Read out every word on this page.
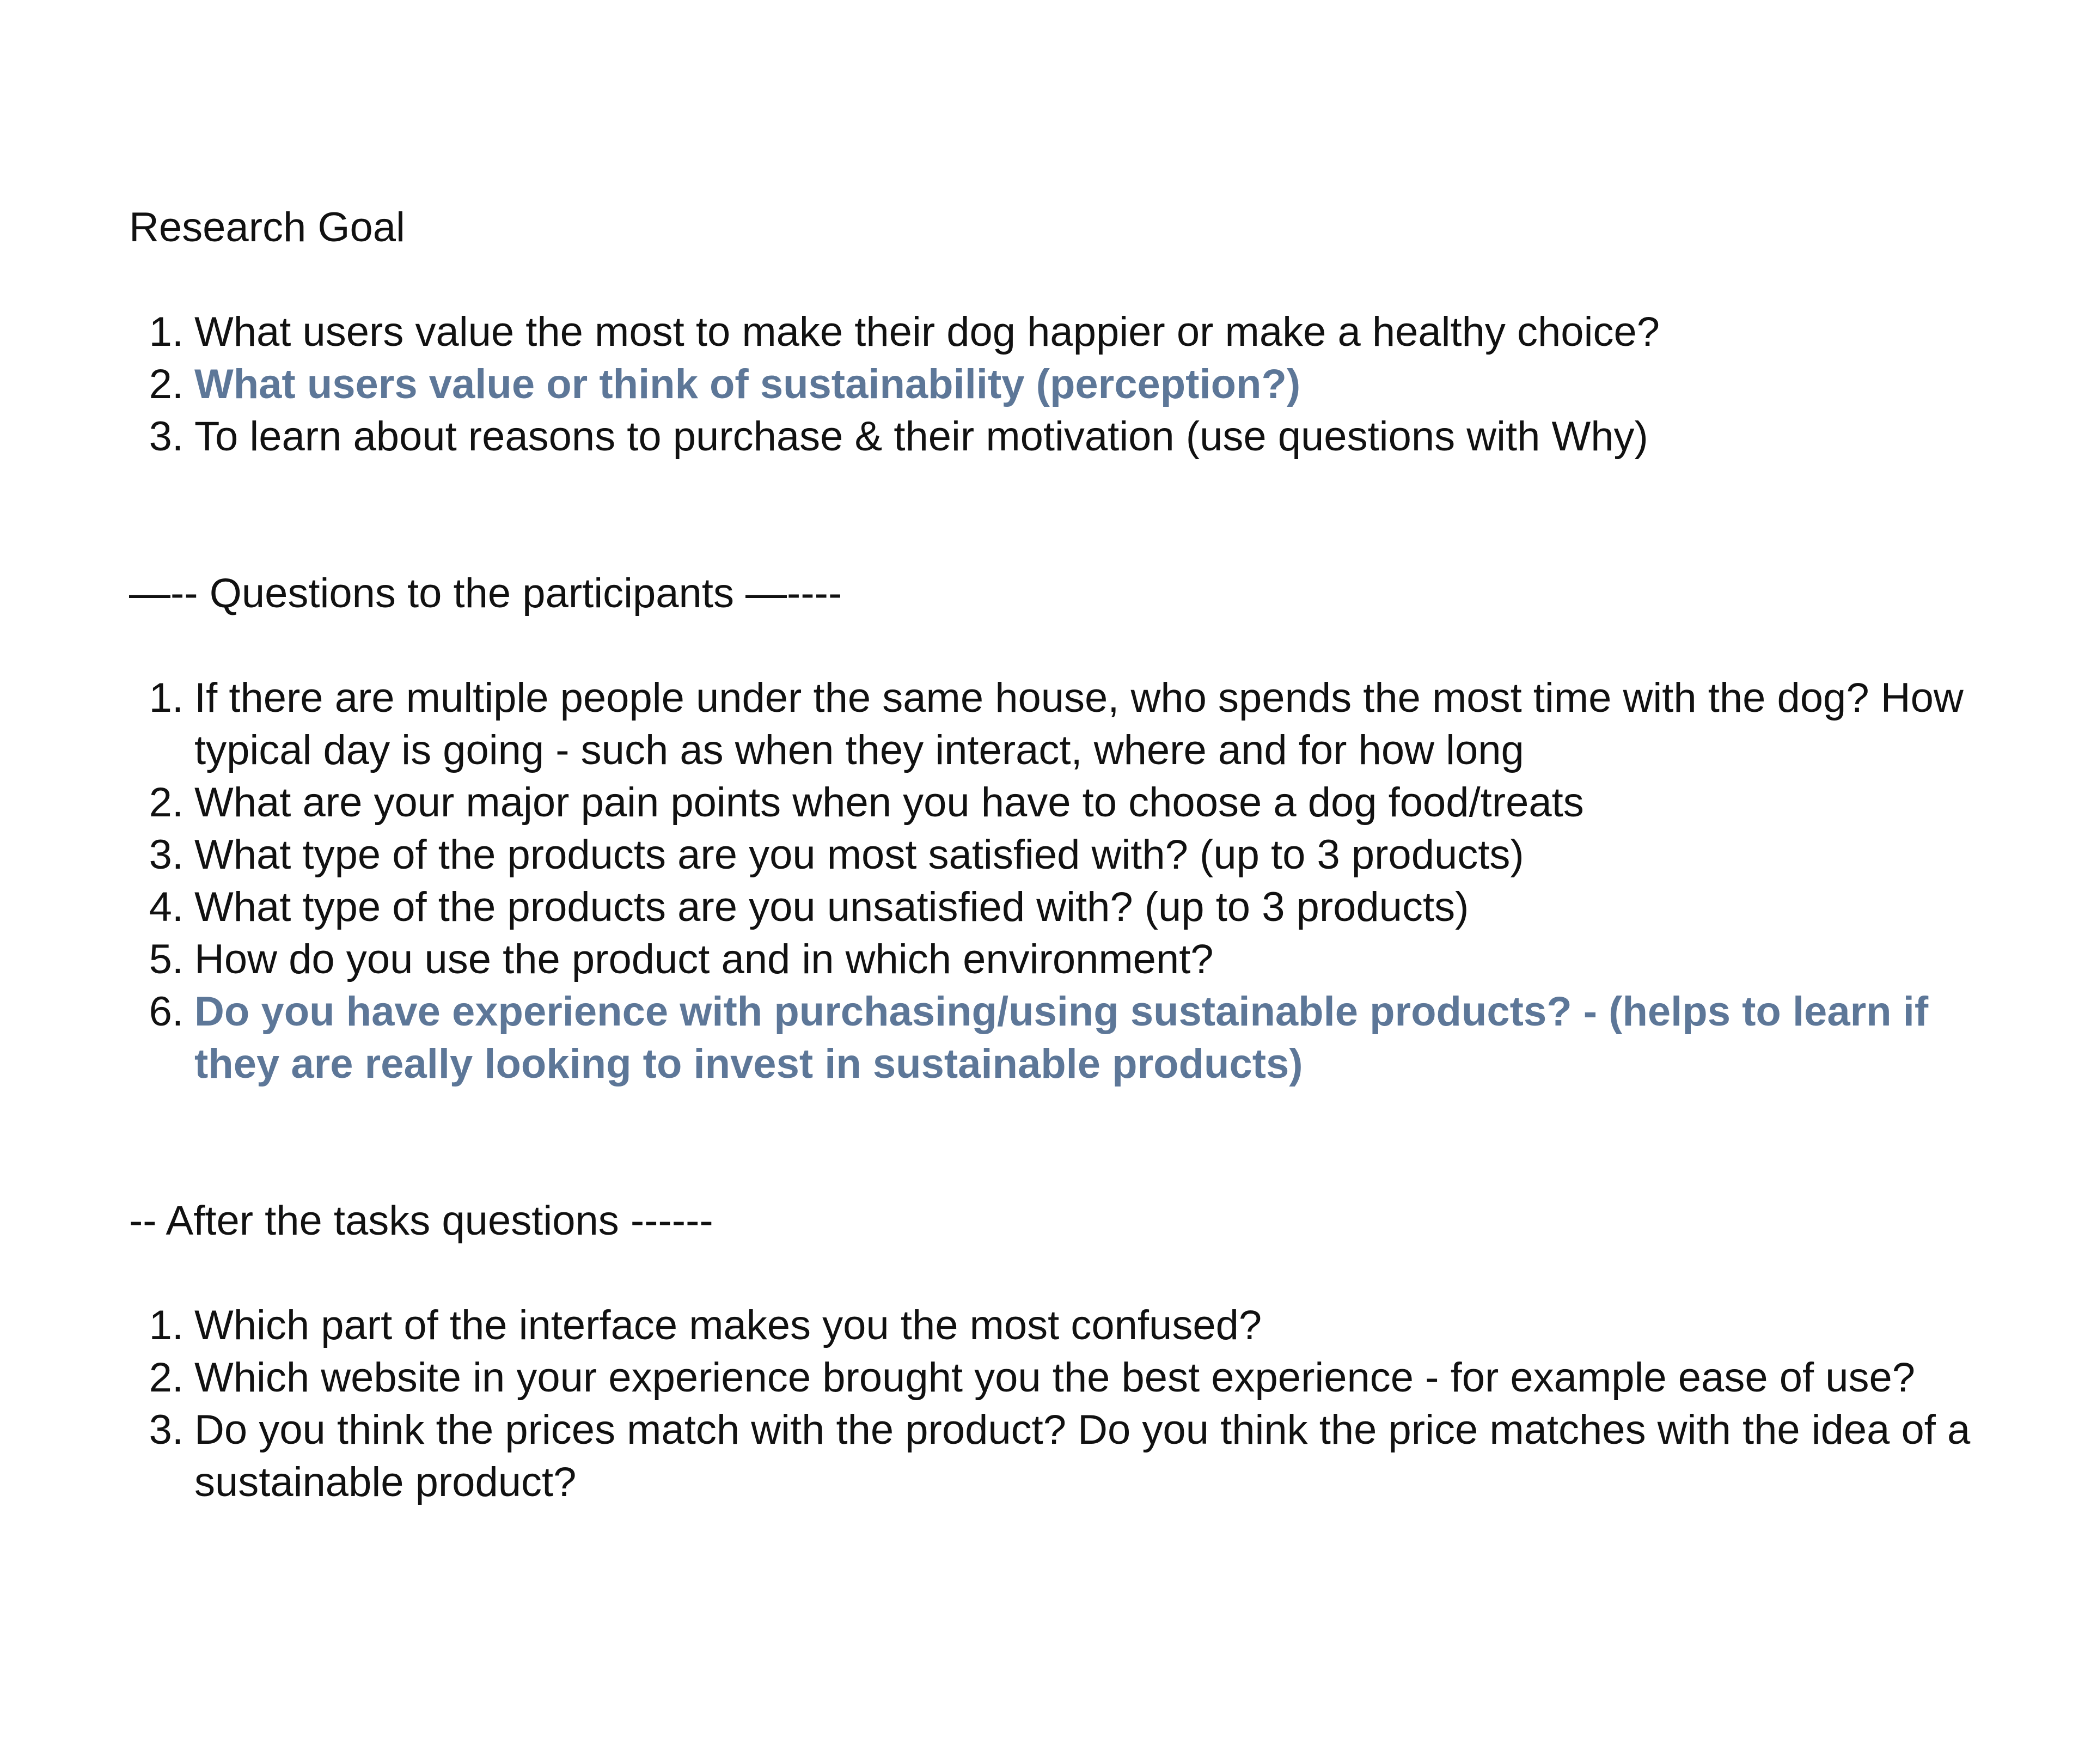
Research Goal

1. What users value the most to make their dog happier or make a healthy choice?
2. What users value or think of sustainability (perception?)
3. To learn about reasons to purchase & their motivation (use questions with Why)

—-- Questions to the participants —----

1. If there are multiple people under the same house, who spends the most time with the dog? How typical day is going - such as when they interact, where and for how long
2. What are your major pain points when you have to choose a dog food/treats
3. What type of the products are you most satisfied with? (up to 3 products)
4. What type of the products are you unsatisfied with? (up to 3 products)
5. How do you use the product and in which environment?
6. Do you have experience with purchasing/using sustainable products? - (helps to learn if they are really looking to invest in sustainable products)

-- After the tasks questions ------

1. Which part of the interface makes you the most confused?
2. Which website in your experience brought you the best experience - for example ease of use?
3. Do you think the prices match with the product? Do you think the price matches with the idea of a sustainable product?
